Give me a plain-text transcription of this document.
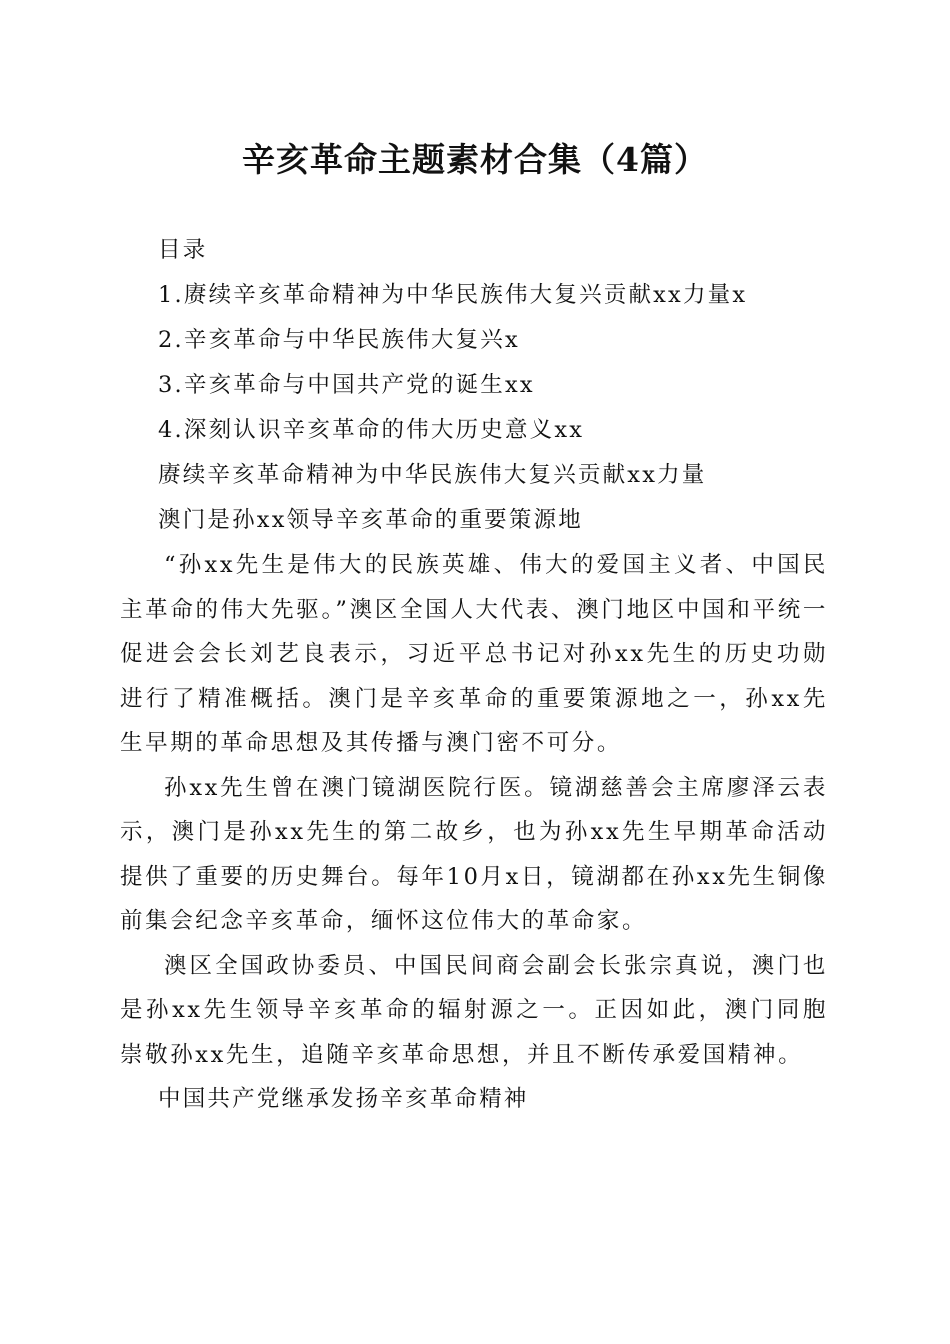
辛亥革命主题素材合集（4篇）

目录

1.赓续辛亥革命精神为中华民族伟大复兴贡献xx力量x

2.辛亥革命与中华民族伟大复兴x

3.辛亥革命与中国共产党的诞生xx

4.深刻认识辛亥革命的伟大历史意义xx

赓续辛亥革命精神为中华民族伟大复兴贡献xx力量

澳门是孙xx领导辛亥革命的重要策源地

“孙xx先生是伟大的民族英雄、伟大的爱国主义者、中国民主革命的伟大先驱。”澳区全国人大代表、澳门地区中国和平统一促进会会长刘艺良表示，习近平总书记对孙xx先生的历史功勋进行了精准概括。澳门是辛亥革命的重要策源地之一，孙xx先生早期的革命思想及其传播与澳门密不可分。

孙xx先生曾在澳门镜湖医院行医。镜湖慈善会主席廖泽云表示，澳门是孙xx先生的第二故乡，也为孙xx先生早期革命活动提供了重要的历史舞台。每年10月x日，镜湖都在孙xx先生铜像前集会纪念辛亥革命，缅怀这位伟大的革命家。

澳区全国政协委员、中国民间商会副会长张宗真说，澳门也是孙xx先生领导辛亥革命的辐射源之一。正因如此，澳门同胞崇敬孙xx先生，追随辛亥革命思想，并且不断传承爱国精神。

中国共产党继承发扬辛亥革命精神
